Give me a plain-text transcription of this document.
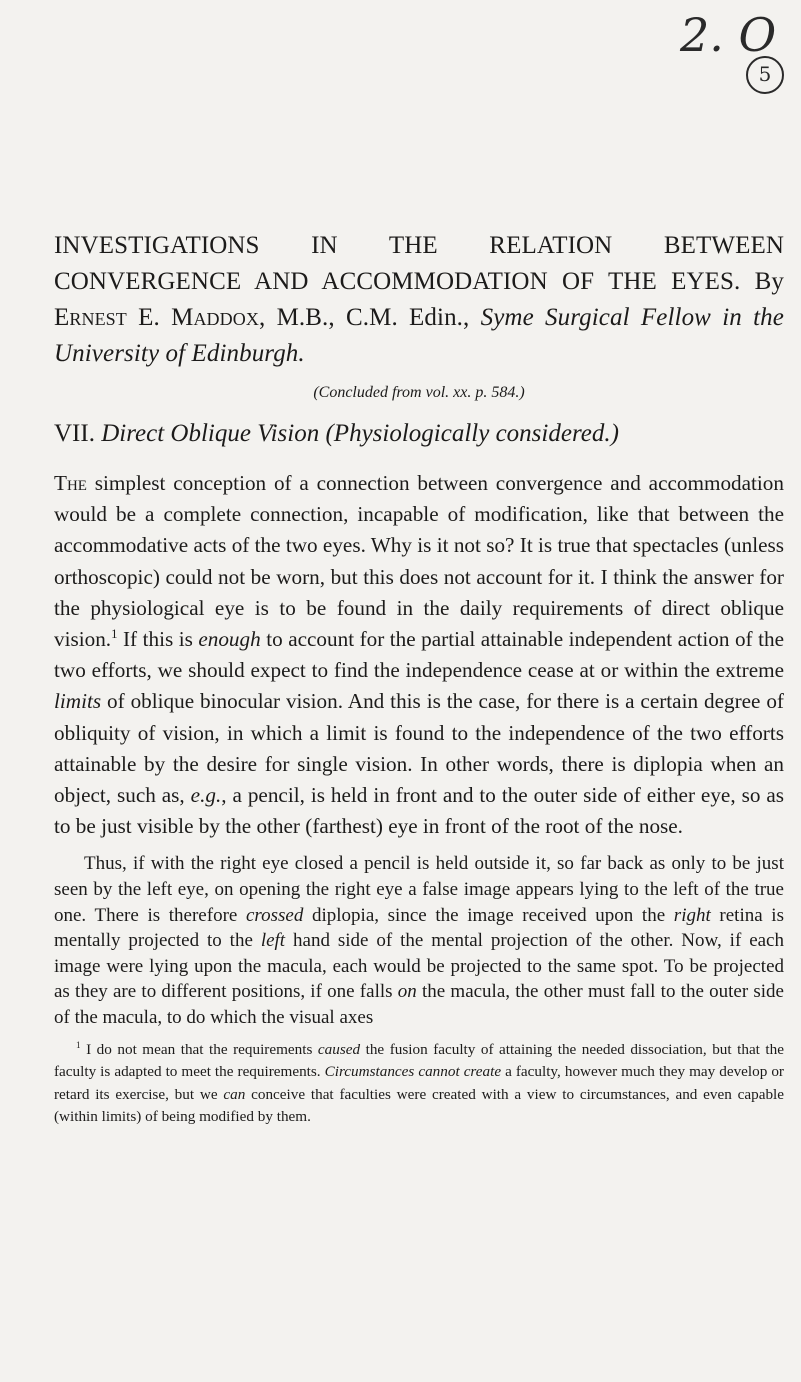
2. O
5

INVESTIGATIONS IN THE RELATION BETWEEN CONVERGENCE AND ACCOMMODATION OF THE EYES. By Ernest E. Maddox, M.B., C.M. Edin., Syme Surgical Fellow in the University of Edinburgh.

(Concluded from vol. xx. p. 584.)
VII. Direct Oblique Vision (Physiologically considered.)

The simplest conception of a connection between convergence and accommodation would be a complete connection, incapable of modification, like that between the accommodative acts of the two eyes. Why is it not so? It is true that spectacles (unless orthoscopic) could not be worn, but this does not account for it. I think the answer for the physiological eye is to be found in the daily requirements of direct oblique vision.$^1$ If this is enough to account for the partial attainable independent action of the two efforts, we should expect to find the independence cease at or within the extreme limits of oblique binocular vision. And this is the case, for there is a certain degree of obliquity of vision, in which a limit is found to the independence of the two efforts attainable by the desire for single vision. In other words, there is diplopia when an object, such as, e.g., a pencil, is held in front and to the outer side of either eye, so as to be just visible by the other (farthest) eye in front of the root of the nose.

Thus, if with the right eye closed a pencil is held outside it, so far back as only to be just seen by the left eye, on opening the right eye a false image appears lying to the left of the true one. There is therefore crossed diplopia, since the image received upon the right retina is mentally projected to the left hand side of the mental projection of the other. Now, if each image were lying upon the macula, each would be projected to the same spot. To be projected as they are to different positions, if one falls on the macula, the other must fall to the outer side of the macula, to do which the visual axes

$^1$ I do not mean that the requirements caused the fusion faculty of attaining the needed dissociation, but that the faculty is adapted to meet the requirements. Circumstances cannot create a faculty, however much they may develop or retard its exercise, but we can conceive that faculties were created with a view to circumstances, and even capable (within limits) of being modified by them.
